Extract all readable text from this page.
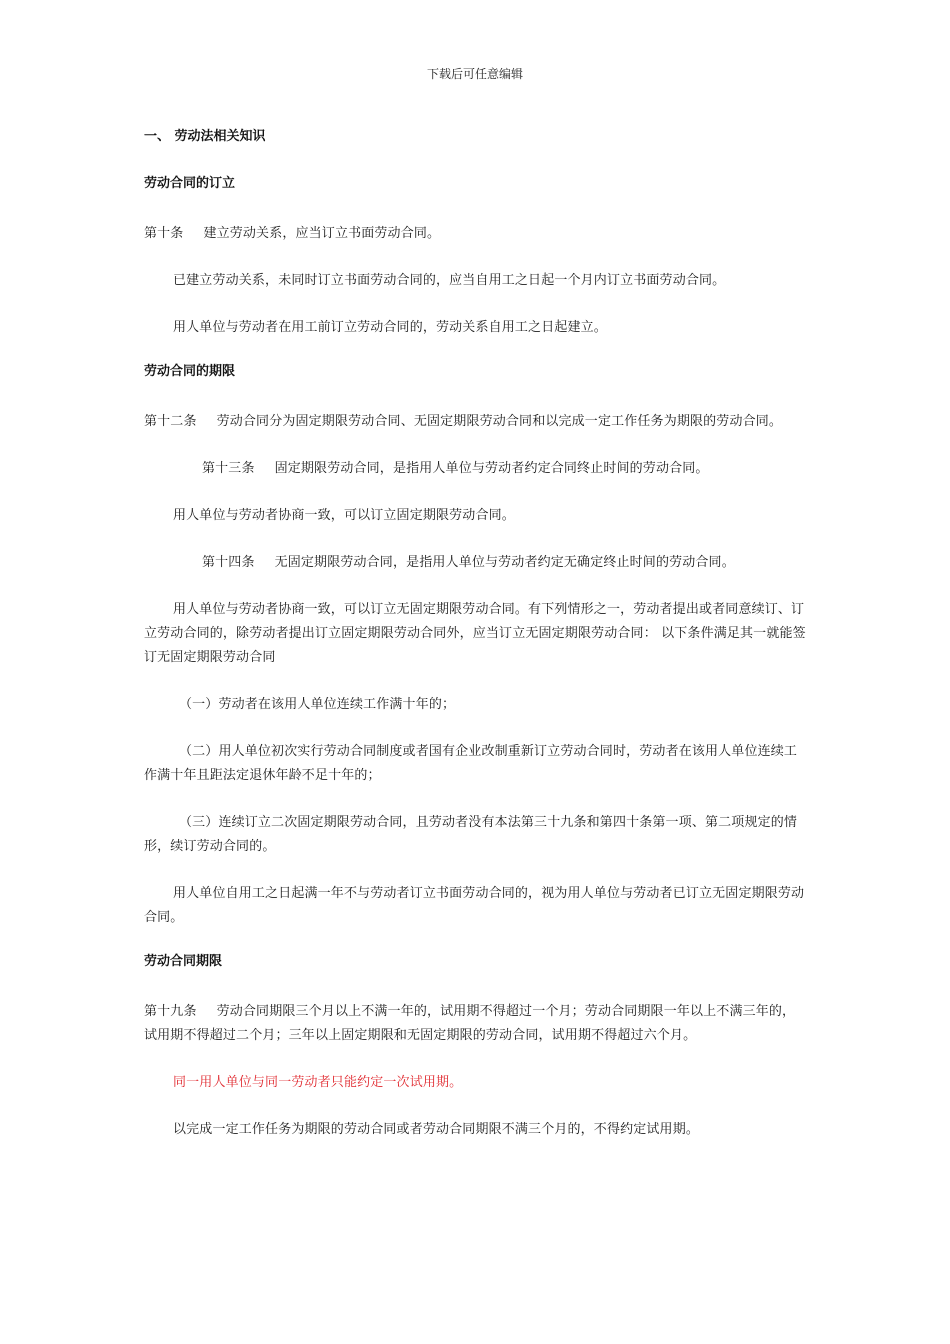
下载后可任意编辑
一、 劳动法相关知识
劳动合同的订立
第十条 建立劳动关系，应当订立书面劳动合同。
已建立劳动关系，未同时订立书面劳动合同的，应当自用工之日起一个月内订立书面劳动合同。
用人单位与劳动者在用工前订立劳动合同的，劳动关系自用工之日起建立。
劳动合同的期限
第十二条 劳动合同分为固定期限劳动合同、无固定期限劳动合同和以完成一定工作任务为期限的劳动合同。
第十三条 固定期限劳动合同，是指用人单位与劳动者约定合同终止时间的劳动合同。
用人单位与劳动者协商一致，可以订立固定期限劳动合同。
第十四条 无固定期限劳动合同，是指用人单位与劳动者约定无确定终止时间的劳动合同。
用人单位与劳动者协商一致，可以订立无固定期限劳动合同。有下列情形之一，劳动者提出或者同意续订、订立劳动合同的，除劳动者提出订立固定期限劳动合同外，应当订立无固定期限劳动合同： 以下条件满足其一就能签订无固定期限劳动合同
（一）劳动者在该用人单位连续工作满十年的；
（二）用人单位初次实行劳动合同制度或者国有企业改制重新订立劳动合同时，劳动者在该用人单位连续工作满十年且距法定退休年龄不足十年的；
（三）连续订立二次固定期限劳动合同，且劳动者没有本法第三十九条和第四十条第一项、第二项规定的情形，续订劳动合同的。
用人单位自用工之日起满一年不与劳动者订立书面劳动合同的，视为用人单位与劳动者已订立无固定期限劳动合同。
劳动合同期限
第十九条 劳动合同期限三个月以上不满一年的，试用期不得超过一个月；劳动合同期限一年以上不满三年的，试用期不得超过二个月；三年以上固定期限和无固定期限的劳动合同，试用期不得超过六个月。
同一用人单位与同一劳动者只能约定一次试用期。
以完成一定工作任务为期限的劳动合同或者劳动合同期限不满三个月的，不得约定试用期。
